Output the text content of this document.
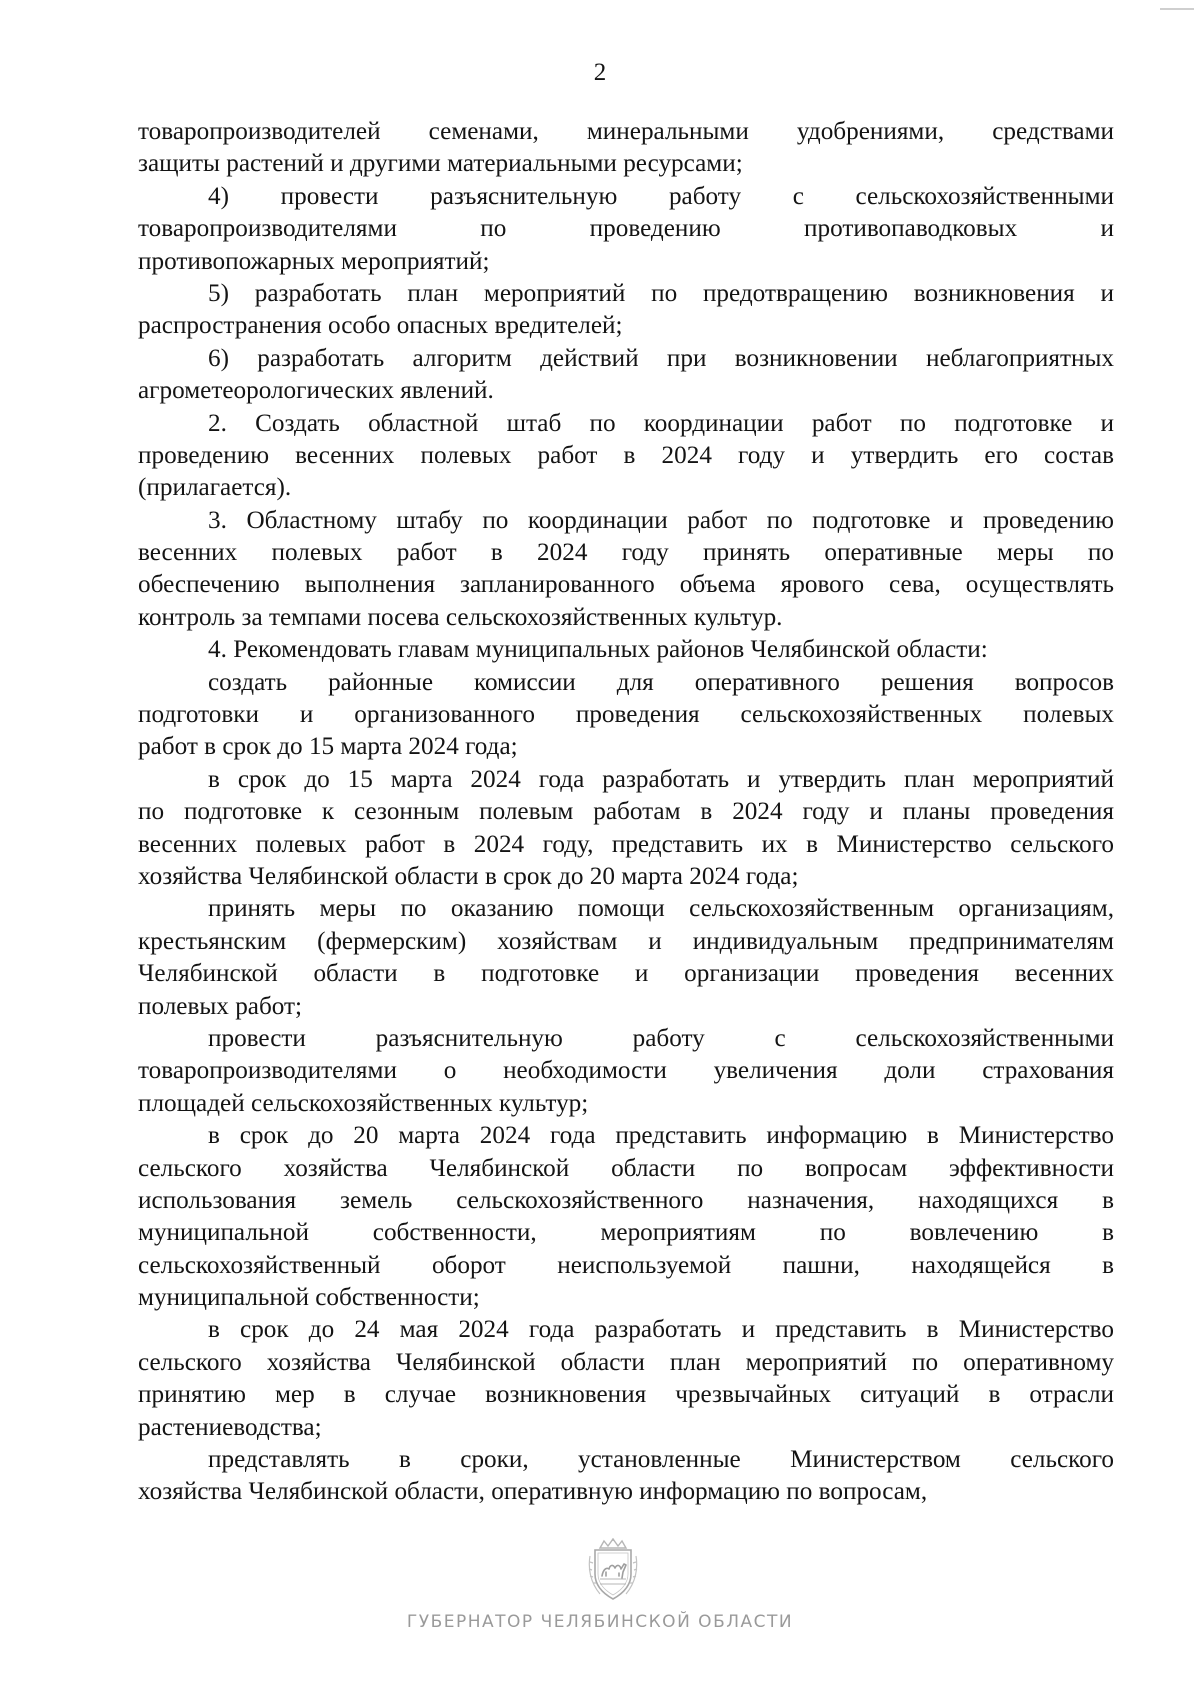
2
товаропроизводителей семенами, минеральными удобрениями, средствами
защиты растений и другими материальными ресурсами;
4) провести разъяснительную работу с сельскохозяйственными
товаропроизводителями по проведению противопаводковых и
противопожарных мероприятий;
5) разработать план мероприятий по предотвращению возникновения и
распространения особо опасных вредителей;
6) разработать алгоритм действий при возникновении неблагоприятных
агрометеорологических явлений.
2. Создать областной штаб по координации работ по подготовке и
проведению весенних полевых работ в 2024 году и утвердить его состав
(прилагается).
3. Областному штабу по координации работ по подготовке и проведению
весенних полевых работ в 2024 году принять оперативные меры по
обеспечению выполнения запланированного объема ярового сева, осуществлять
контроль за темпами посева сельскохозяйственных культур.
4. Рекомендовать главам муниципальных районов Челябинской области:
создать районные комиссии для оперативного решения вопросов
подготовки и организованного проведения сельскохозяйственных полевых
работ в срок до 15 марта 2024 года;
в срок до 15 марта 2024 года разработать и утвердить план мероприятий
по подготовке к сезонным полевым работам в 2024 году и планы проведения
весенних полевых работ в 2024 году, представить их в Министерство сельского
хозяйства Челябинской области в срок до 20 марта 2024 года;
принять меры по оказанию помощи сельскохозяйственным организациям,
крестьянским (фермерским) хозяйствам и индивидуальным предпринимателям
Челябинской области в подготовке и организации проведения весенних
полевых работ;
провести разъяснительную работу с сельскохозяйственными
товаропроизводителями о необходимости увеличения доли страхования
площадей сельскохозяйственных культур;
в срок до 20 марта 2024 года представить информацию в Министерство
сельского хозяйства Челябинской области по вопросам эффективности
использования земель сельскохозяйственного назначения, находящихся в
муниципальной собственности, мероприятиям по вовлечению в
сельскохозяйственный оборот неиспользуемой пашни, находящейся в
муниципальной собственности;
в срок до 24 мая 2024 года разработать и представить в Министерство
сельского хозяйства Челябинской области план мероприятий по оперативному
принятию мер в случае возникновения чрезвычайных ситуаций в отрасли
растениеводства;
представлять в сроки, установленные Министерством сельского
хозяйства Челябинской области, оперативную информацию по вопросам,
ГУБЕРНАТОР ЧЕЛЯБИНСКОЙ ОБЛАСТИ
